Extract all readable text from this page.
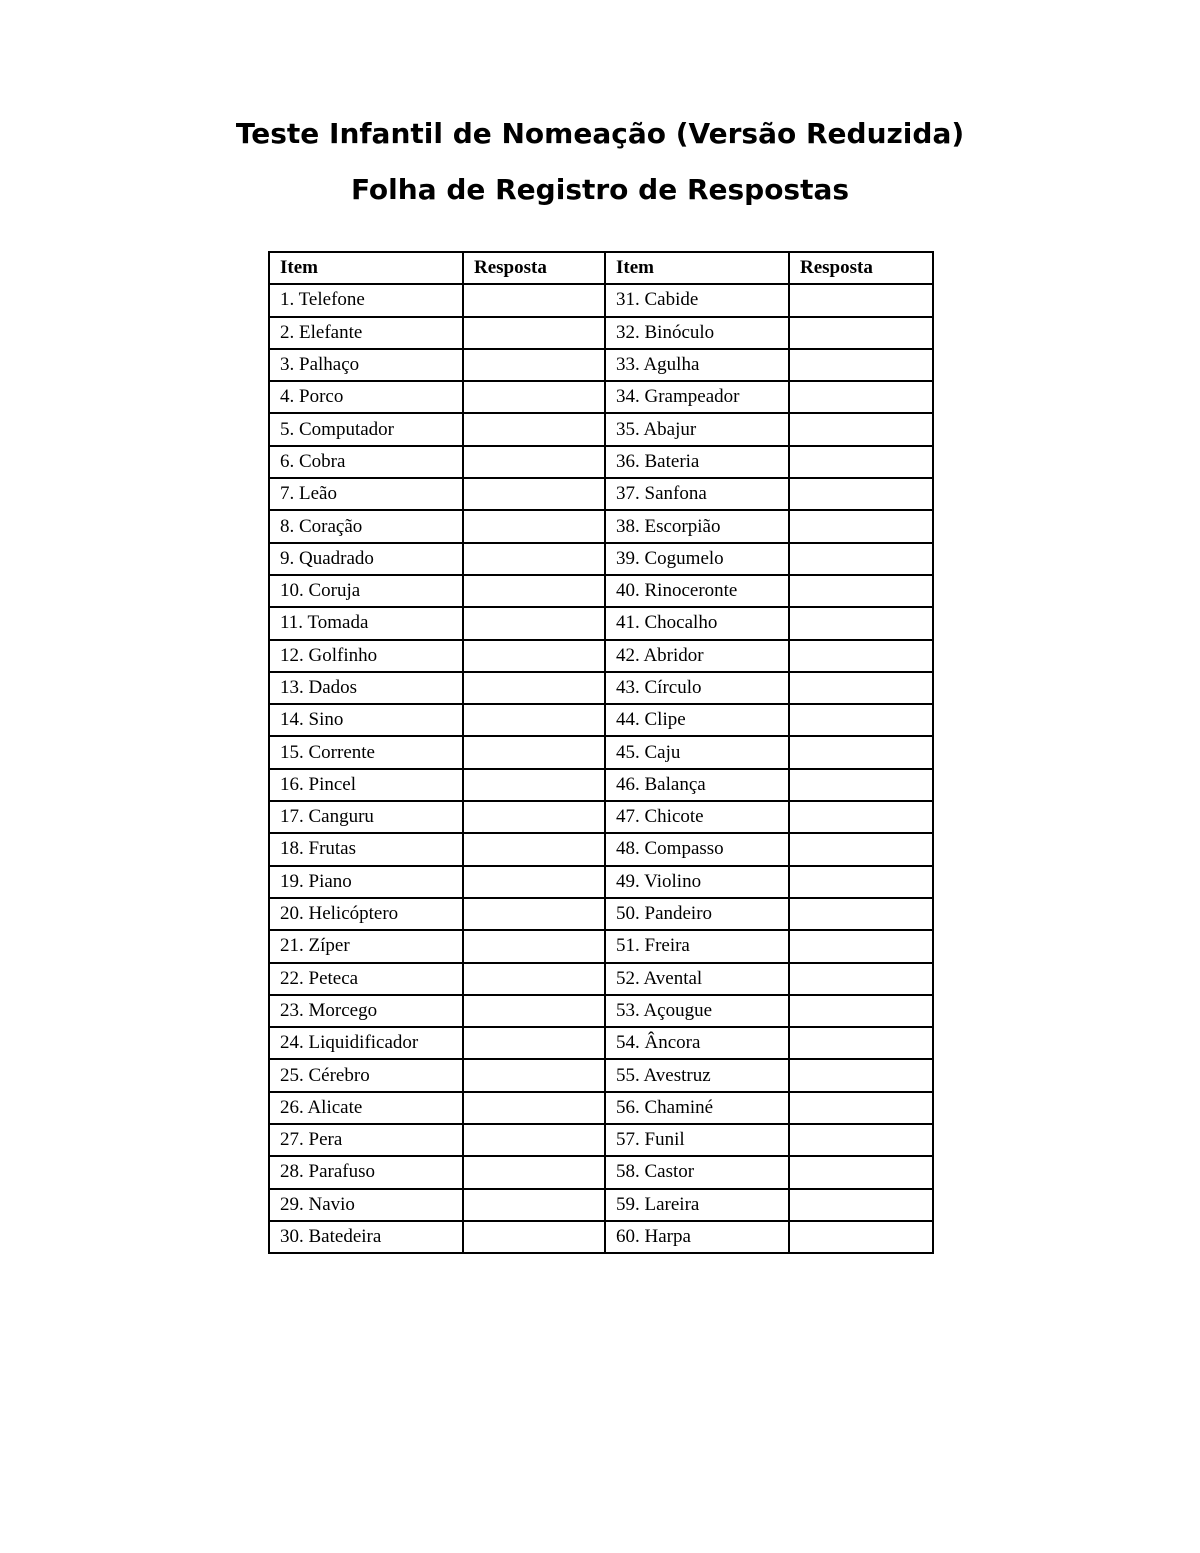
Teste Infantil de Nomeação (Versão Reduzida)
Folha de Registro de Respostas
Item	Resposta	Item	Resposta
1. Telefone		31. Cabide	
2. Elefante		32. Binóculo	
3. Palhaço		33. Agulha	
4. Porco		34. Grampeador	
5. Computador		35. Abajur	
6. Cobra		36. Bateria	
7. Leão		37. Sanfona	
8. Coração		38. Escorpião	
9. Quadrado		39. Cogumelo	
10. Coruja		40. Rinoceronte	
11. Tomada		41. Chocalho	
12. Golfinho		42. Abridor	
13. Dados		43. Círculo	
14. Sino		44. Clipe	
15. Corrente		45. Caju	
16. Pincel		46. Balança	
17. Canguru		47. Chicote	
18. Frutas		48. Compasso	
19. Piano		49. Violino	
20. Helicóptero		50. Pandeiro	
21. Zíper		51. Freira	
22. Peteca		52. Avental	
23. Morcego		53. Açougue	
24. Liquidificador		54. Âncora	
25. Cérebro		55. Avestruz	
26. Alicate		56. Chaminé	
27. Pera		57. Funil	
28. Parafuso		58. Castor	
29. Navio		59. Lareira	
30. Batedeira		60. Harpa	
